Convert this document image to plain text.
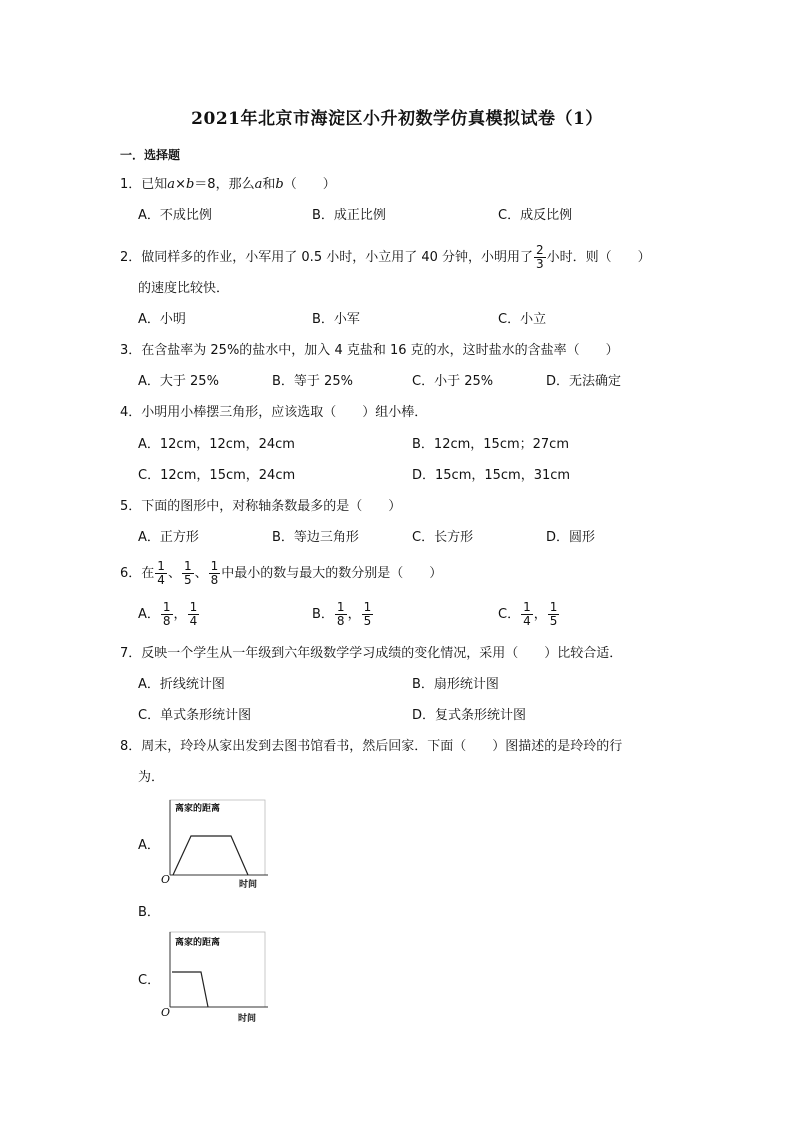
2021年北京市海淀区小升初数学仿真模拟试卷（1）
一．选择题
1．已知a×b＝8，那么a和b（　　）
A．不成比例	B．成正比例	C．成反比例
2．做同样多的作业，小军用了 0.5 小时，小立用了 40 分钟，小明用了 $\frac{2}{3}$ 小时．则（　　）
的速度比较快．
A．小明	B．小军	C．小立
3．在含盐率为 25%的盐水中，加入 4 克盐和 16 克的水，这时盐水的含盐率（　　）
A．大于 25%	B．等于 25%	C．小于 25%	D．无法确定
4．小明用小棒摆三角形，应该选取（　　）组小棒．
A．12cm，12cm，24cm	B．12cm，15cm；27cm
C．12cm，15cm，24cm	D．15cm，15cm，31cm
5．下面的图形中，对称轴条数最多的是（　　）
A．正方形	B．等边三角形	C．长方形	D．圆形
6．在 $\frac{1}{4}$ 、 $\frac{1}{5}$ 、 $\frac{1}{8}$ 中最小的数与最大的数分别是（　　）
A． $\frac{1}{8}$ ， $\frac{1}{4}$	B． $\frac{1}{8}$ ， $\frac{1}{5}$	C． $\frac{1}{4}$ ， $\frac{1}{5}$
7．反映一个学生从一年级到六年级数学学习成绩的变化情况，采用（　　）比较合适．
A．折线统计图	B．扇形统计图
C．单式条形统计图	D．复式条形统计图
8．周末，玲玲从家出发到去图书馆看书，然后回家．下面（　　）图描述的是玲玲的行
为．
A．
离家的距离
时间
O
B．
C．
离家的距离
时间
O
